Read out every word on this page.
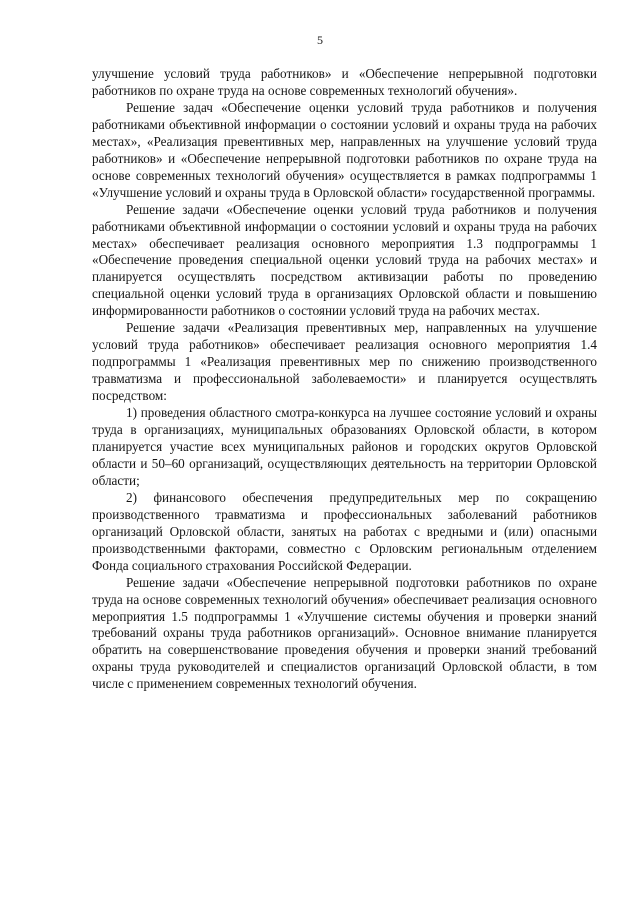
5

улучшение условий труда работников» и «Обеспечение непрерывной подготовки работников по охране труда на основе современных технологий обучения».

Решение задач «Обеспечение оценки условий труда работников и получения работниками объективной информации о состоянии условий и охраны труда на рабочих местах», «Реализация превентивных мер, направленных на улучшение условий труда работников» и «Обеспечение непрерывной подготовки работников по охране труда на основе современных технологий обучения» осуществляется в рамках подпрограммы 1 «Улучшение условий и охраны труда в Орловской области» государственной программы.

Решение задачи «Обеспечение оценки условий труда работников и получения работниками объективной информации о состоянии условий и охраны труда на рабочих местах» обеспечивает реализация основного мероприятия 1.3 подпрограммы 1 «Обеспечение проведения специальной оценки условий труда на рабочих местах» и планируется осуществлять посредством активизации работы по проведению специальной оценки условий труда в организациях Орловской области и повышению информированности работников о состоянии условий труда на рабочих местах.

Решение задачи «Реализация превентивных мер, направленных на улучшение условий труда работников» обеспечивает реализация основного мероприятия 1.4 подпрограммы 1 «Реализация превентивных мер по снижению производственного травматизма и профессиональной заболеваемости» и планируется осуществлять посредством:

1) проведения областного смотра-конкурса на лучшее состояние условий и охраны труда в организациях, муниципальных образованиях Орловской области, в котором планируется участие всех муниципальных районов и городских округов Орловской области и 50–60 организаций, осуществляющих деятельность на территории Орловской области;

2) финансового обеспечения предупредительных мер по сокращению производственного травматизма и профессиональных заболеваний работников организаций Орловской области, занятых на работах с вредными и (или) опасными производственными факторами, совместно с Орловским региональным отделением Фонда социального страхования Российской Федерации.

Решение задачи «Обеспечение непрерывной подготовки работников по охране труда на основе современных технологий обучения» обеспечивает реализация основного мероприятия 1.5 подпрограммы 1 «Улучшение системы обучения и проверки знаний требований охраны труда работников организаций». Основное внимание планируется обратить на совершенствование проведения обучения и проверки знаний требований охраны труда руководителей и специалистов организаций Орловской области, в том числе с применением современных технологий обучения.
